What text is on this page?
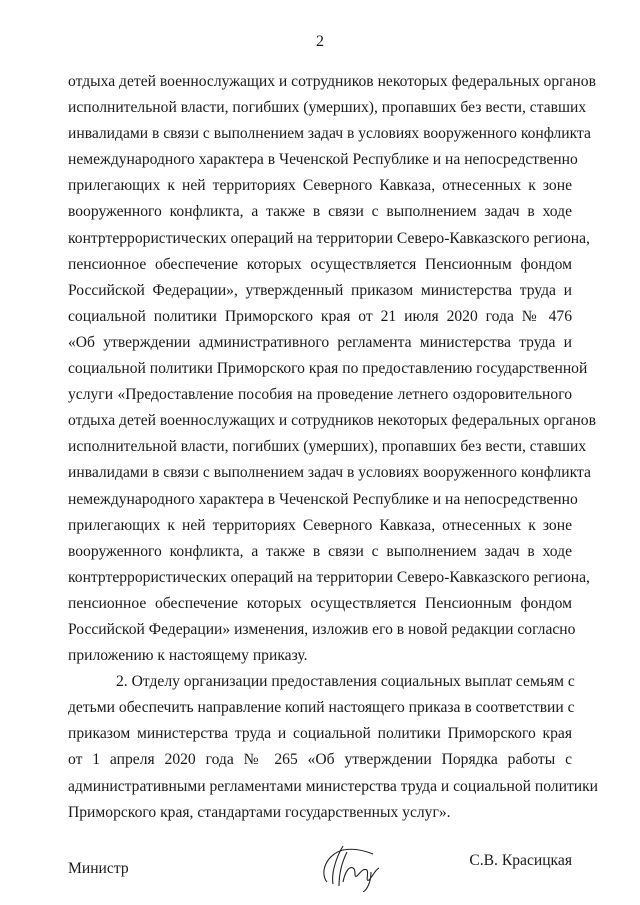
2
отдыха детей военнослужащих и сотрудников некоторых федеральных органов
исполнительной власти, погибших (умерших), пропавших без вести, ставших
инвалидами в связи с выполнением задач в условиях вооруженного конфликта
немеждународного характера в Чеченской Республике и на непосредственно
прилегающих к ней территориях Северного Кавказа, отнесенных к зоне
вооруженного конфликта, а также в связи с выполнением задач в ходе
контртеррористических операций на территории Северо-Кавказского региона,
пенсионное обеспечение которых осуществляется Пенсионным фондом
Российской Федерации», утвержденный приказом министерства труда и
социальной политики Приморского края от 21 июля 2020 года № 476
«Об утверждении административного регламента министерства труда и
социальной политики Приморского края по предоставлению государственной
услуги «Предоставление пособия на проведение летнего оздоровительного
отдыха детей военнослужащих и сотрудников некоторых федеральных органов
исполнительной власти, погибших (умерших), пропавших без вести, ставших
инвалидами в связи с выполнением задач в условиях вооруженного конфликта
немеждународного характера в Чеченской Республике и на непосредственно
прилегающих к ней территориях Северного Кавказа, отнесенных к зоне
вооруженного конфликта, а также в связи с выполнением задач в ходе
контртеррористических операций на территории Северо-Кавказского региона,
пенсионное обеспечение которых осуществляется Пенсионным фондом
Российской Федерации» изменения, изложив его в новой редакции согласно
приложению к настоящему приказу.
2. Отделу организации предоставления социальных выплат семьям с
детьми обеспечить направление копий настоящего приказа в соответствии с
приказом министерства труда и социальной политики Приморского края
от 1 апреля 2020 года № 265 «Об утверждении Порядка работы с
административными регламентами министерства труда и социальной политики
Приморского края, стандартами государственных услуг».
Министр	С.В. Красицкая
